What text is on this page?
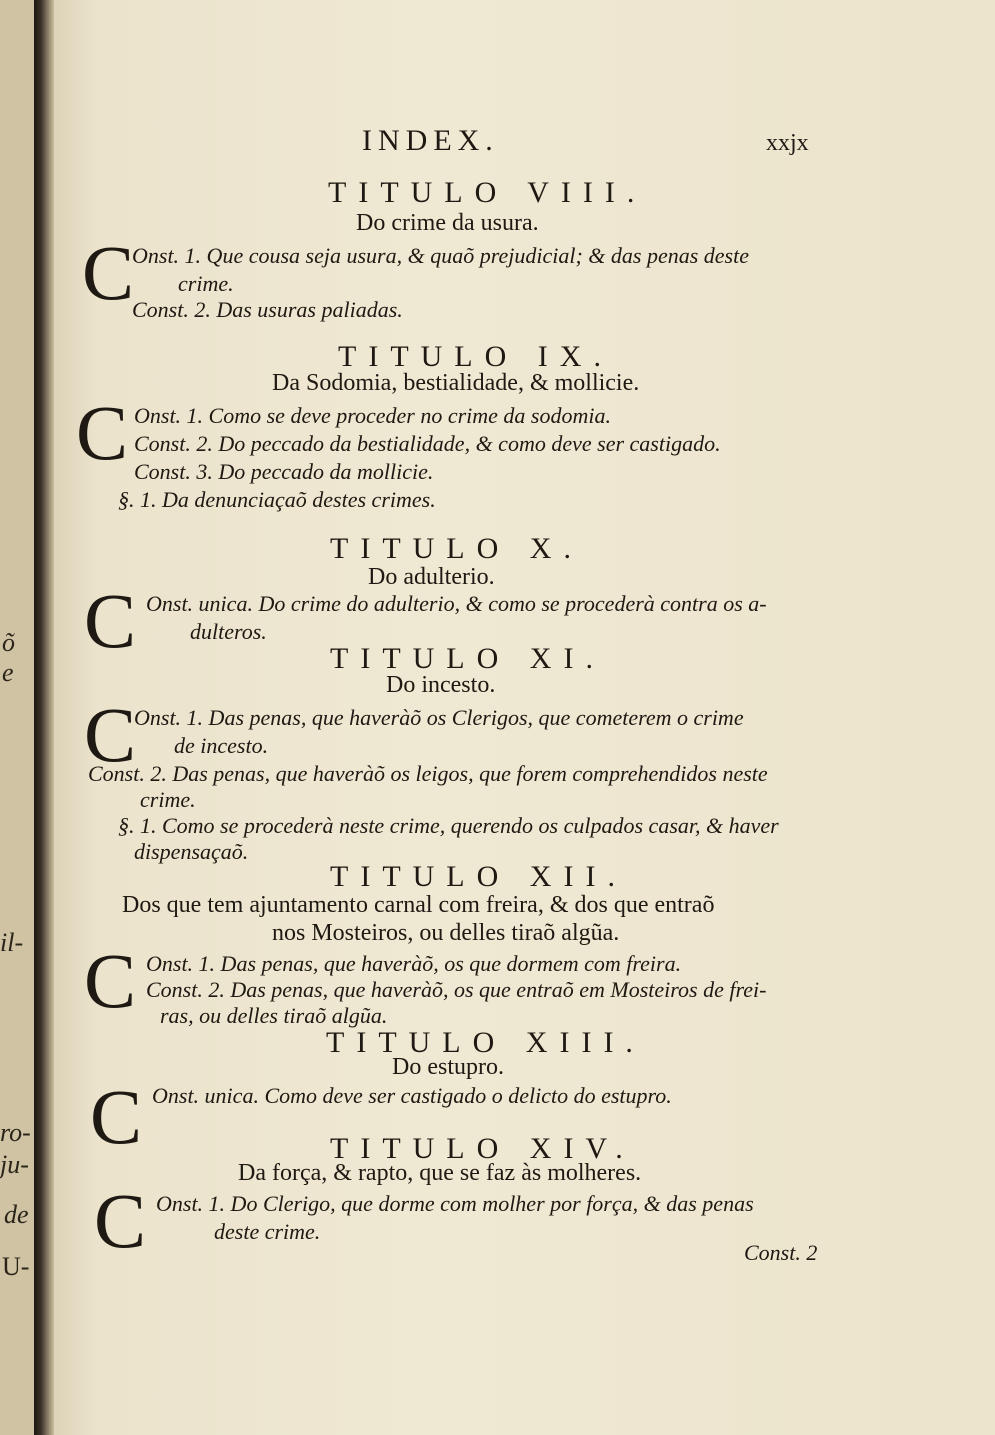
õ
e
il-
ro-
ju-
de
U-
INDEX.	xxjx
TITULO VIII.
Do crime da usura.
C
Onst. 1. Que cousa seja usura, & quaõ prejudicial; & das penas deste
crime.
Const. 2. Das usuras paliadas.
TITULO IX.
Da Sodomia, bestialidade, & mollicie.
C Onst. 1. Como se deve proceder no crime da sodomia.
Const. 2. Do peccado da bestialidade, & como deve ser castigado.
Const. 3. Do peccado da mollicie.
§. 1. Da denunciaçaõ destes crimes.
TITULO X.
Do adulterio.
C Onst. unica. Do crime do adulterio, & como se procederà contra os a-
dulteros.
TITULO XI.
Do incesto.
C
Onst. 1. Das penas, que haveràõ os Clerigos, que cometerem o crime
de incesto.
Const. 2. Das penas, que haveràõ os leigos, que forem comprehendidos neste
crime.
§. 1. Como se procederà neste crime, querendo os culpados casar, & haver
dispensaçaõ.
TITULO XII.
Dos que tem ajuntamento carnal com freira, & dos que entraõ
nos Mosteiros, ou delles tiraõ algũa.
C Onst. 1. Das penas, que haveràõ, os que dormem com freira.
Const. 2. Das penas, que haveràõ, os que entraõ em Mosteiros de frei-
ras, ou delles tiraõ algũa.
TITULO XIII.
Do estupro.
C Onst. unica. Como deve ser castigado o delicto do estupro.
TITULO XIV.
Da força, & rapto, que se faz às molheres.
C Onst. 1. Do Clerigo, que dorme com molher por força, & das penas
deste crime.
Const. 2
